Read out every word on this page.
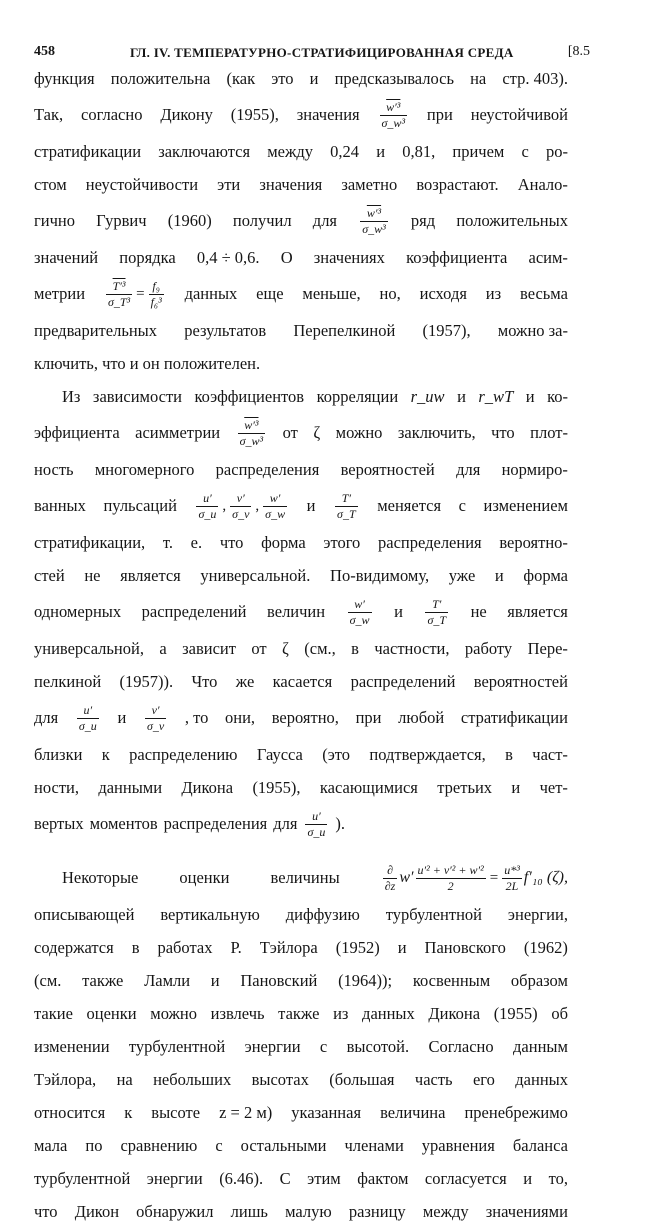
458	ГЛ. IV. ТЕМПЕРАТУРНО-СТРАТИФИЦИРОВАННАЯ СРЕДА	[8.5
функция положительна (как это и предсказывалось на стр. 403).
Так, согласно Дикону (1955), значения $\frac{\text{w′³}}{\text{σ\_w³}}$ при неустойчивой
стратификации заключаются между 0,24 и 0,81, причем с ро-
стом неустойчивости эти значения заметно возрастают. Анало-
гично Гурвич (1960) получил для $\frac{\text{w′³}}{\text{σ\_w³}}$ ряд положительных
значений порядка 0,4 ÷ 0,6. О значениях коэффициента асим-
метрии $\frac{\text{T′³}}{\text{σ\_T³}} = \frac{\text{f₉}}{\text{f₆³}}$ данных еще меньше, но, исходя из весьма
предварительных результатов Перепелкиной (1957), можно за-
ключить, что и он положителен.
Из зависимости коэффициентов корреляции r_uw и r_wT и ко-
эффициента асимметрии $\frac{\text{w′³}}{\text{σ\_w³}}$ от ζ можно заключить, что плот-
ность многомерного распределения вероятностей для нормиро-
ванных пульсаций $\frac{u'}{\sigma\_u}$ , $\frac{v'}{\sigma\_v}$ , $\frac{w'}{\sigma\_w}$ и $\frac{T'}{\sigma\_T}$ меняется с изменением
стратификации, т. е. что форма этого распределения вероятно-
стей не является универсальной. По-видимому, уже и форма
одномерных распределений величин $\frac{w'}{\sigma\_w}$ и $\frac{T'}{\sigma\_T}$ не является
универсальной, а зависит от ζ (см., в частности, работу Пере-
пелкиной (1957)). Что же касается распределений вероятностей
для $\frac{u'}{\sigma\_u}$ и $\frac{v'}{\sigma\_v}$ , то они, вероятно, при любой стратификации
близки к распределению Гаусса (это подтверждается, в част-
ности, данными Дикона (1955), касающимися третьих и чет-
вертых моментов распределения для $\frac{u'}{\sigma\_u}$ ).
Некоторые оценки величины	$\frac{\partial}{\partial z} w' \frac{\text{u′² + v′² + w′²}}{2} = \frac{\text{u*³}}{2L} f'_{10}$ (ζ),
описывающей вертикальную диффузию турбулентной энергии,
содержатся в работах Р. Тэйлора (1952) и Пановского (1962)
(см. также Ламли и Пановский (1964)); косвенным образом
такие оценки можно извлечь также из данных Дикона (1955) об
изменении турбулентной энергии с высотой. Согласно данным
Тэйлора, на небольших высотах (большая часть его данных
относится к высоте z = 2 м) указанная величина пренебрежимо
мала по сравнению с остальными членами уравнения баланса
турбулентной энергии (6.46). С этим фактом согласуется и то,
что Дикон обнаружил лишь малую разницу между значениями
